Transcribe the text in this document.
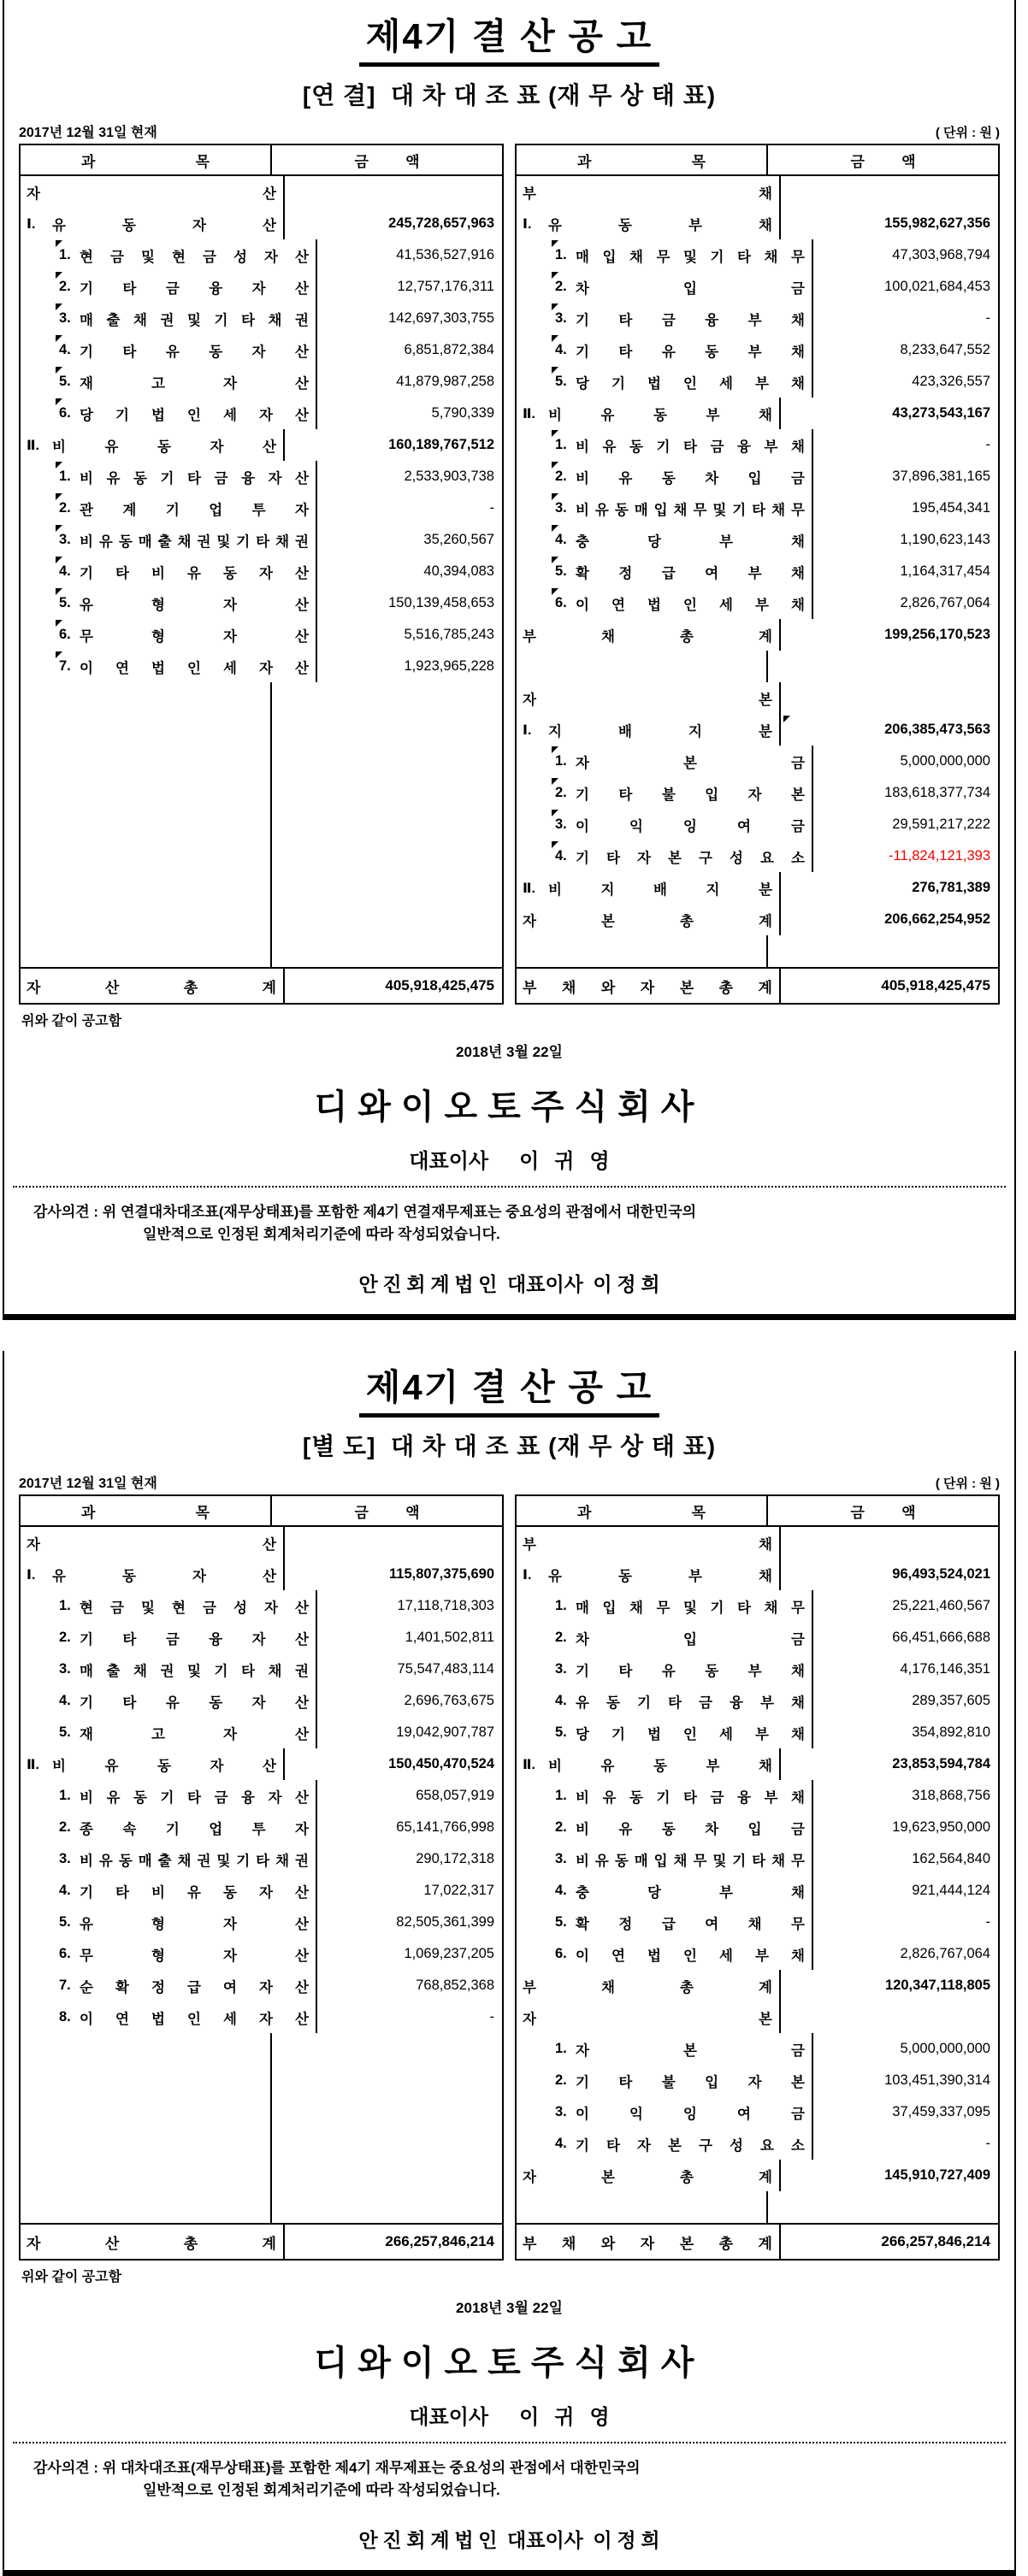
제4기 결 산 공 고
[연 결]  대 차 대 조 표 (재 무 상 태 표)
2017년 12월 31일 현재	( 단위 : 원 )
과	목	금	액
자	산
Ⅰ.	유	동	자	산	245,728,657,963
1. 현 금 및 현 금 성 자 산	41,536,527,916
2. 기 타 금 융 자 산	12,757,176,311
3. 매 출 채 권 및 기 타 채 권	142,697,303,755
4. 기 타 유 동 자 산	6,851,872,384
5. 재	고	자	산	41,879,987,258
6. 당 기 법 인 세 자 산	5,790,339
Ⅱ. 비	유	동	자	산	160,189,767,512
1. 비 유 동 기 타 금 융 자 산	2,533,903,738
2. 관 계 기 업 투 자	-
3. 비 유 동 매 출 채 권 및 기 타 채 권	35,260,567
4. 기 타 비 유 동 자 산	40,394,083
5. 유	형	자	산	150,139,458,653
6. 무	형	자	산	5,516,785,243
7. 이 연 법 인 세 자 산	1,923,965,228
자	산	총	계	405,918,425,475
과	목	금	액
부	채
Ⅰ.	유	동	부	채	155,982,627,356
1. 매 입 채 무 및 기 타 채 무	47,303,968,794
2. 차	입	금	100,021,684,453
3. 기 타 금 융 부 채	-
4. 기 타 유 동 부 채	8,233,647,552
5. 당 기 법 인 세 부 채	423,326,557
Ⅱ. 비	유	동	부	채	43,273,543,167
1. 비 유 동 기 타 금 융 부 채	-
2. 비 유 동 차 입 금	37,896,381,165
3. 비 유 동 매 입 채 무 및 기 타 채 무	195,454,341
4. 충	당	부	채	1,190,623,143
5. 확 정 급 여 부 채	1,164,317,454
6. 이 연 법 인 세 부 채	2,826,767,064
부	채	총	계	199,256,170,523
자	본
Ⅰ.	지	배	지	분	206,385,473,563
1. 자	본	금	5,000,000,000
2. 기 타 불 입 자 본	183,618,377,734
3. 이	익	잉	여	금	29,591,217,222
4. 기 타 자 본 구 성 요 소	-11,824,121,393
Ⅱ. 비	지	배	지	분	276,781,389
자	본	총	계	206,662,254,952
부 채 와 자 본 총 계	405,918,425,475
위와 같이 공고함
2018년 3월 22일
디와이오토주식회사
대표이사      이   귀   영
감사의견 : 위 연결대차대조표(재무상태표)를 포함한 제4기 연결재무제표는 중요성의 관점에서 대한민국의
일반적으로 인정된 회계처리기준에 따라 작성되었습니다.
안 진 회 계 법 인  대표이사  이 정 희
제4기 결 산 공 고
[별 도]  대 차 대 조 표 (재 무 상 태 표)
2017년 12월 31일 현재	( 단위 : 원 )
과	목	금	액
자	산
Ⅰ.	유	동	자	산	115,807,375,690
1. 현 금 및 현 금 성 자 산	17,118,718,303
2. 기 타 금 융 자 산	1,401,502,811
3. 매 출 채 권 및 기 타 채 권	75,547,483,114
4. 기 타 유 동 자 산	2,696,763,675
5. 재	고	자	산	19,042,907,787
Ⅱ. 비	유	동	자	산	150,450,470,524
1. 비 유 동 기 타 금 융 자 산	658,057,919
2. 종 속 기 업 투 자	65,141,766,998
3. 비 유 동 매 출 채 권 및 기 타 채 권	290,172,318
4. 기 타 비 유 동 자 산	17,022,317
5. 유	형	자	산	82,505,361,399
6. 무	형	자	산	1,069,237,205
7. 순 확 정 급 여 자 산	768,852,368
8. 이 연 법 인 세 자 산	-
자	산	총	계	266,257,846,214
과	목	금	액
부	채
Ⅰ.	유	동	부	채	96,493,524,021
1. 매 입 채 무 및 기 타 채 무	25,221,460,567
2. 차	입	금	66,451,666,688
3. 기 타 유 동 부 채	4,176,146,351
4. 유 동 기 타 금 융 부 채	289,357,605
5. 당 기 법 인 세 부 채	354,892,810
Ⅱ. 비	유	동	부	채	23,853,594,784
1. 비 유 동 기 타 금 융 부 채	318,868,756
2. 비 유 동 차 입 금	19,623,950,000
3. 비 유 동 매 입 채 무 및 기 타 채 무	162,564,840
4. 충	당	부	채	921,444,124
5. 확 정 급 여 채 무	-
6. 이 연 법 인 세 부 채	2,826,767,064
부	채	총	계	120,347,118,805
자	본
1. 자	본	금	5,000,000,000
2. 기 타 불 입 자 본	103,451,390,314
3. 이	익	잉	여	금	37,459,337,095
4. 기 타 자 본 구 성 요 소	-
자	본	총	계	145,910,727,409
부 채 와 자 본 총 계	266,257,846,214
위와 같이 공고함
2018년 3월 22일
디와이오토주식회사
대표이사      이   귀   영
감사의견 : 위 대차대조표(재무상태표)를 포함한 제4기 재무제표는 중요성의 관점에서 대한민국의
일반적으로 인정된 회계처리기준에 따라 작성되었습니다.
안 진 회 계 법 인  대표이사  이 정 희
